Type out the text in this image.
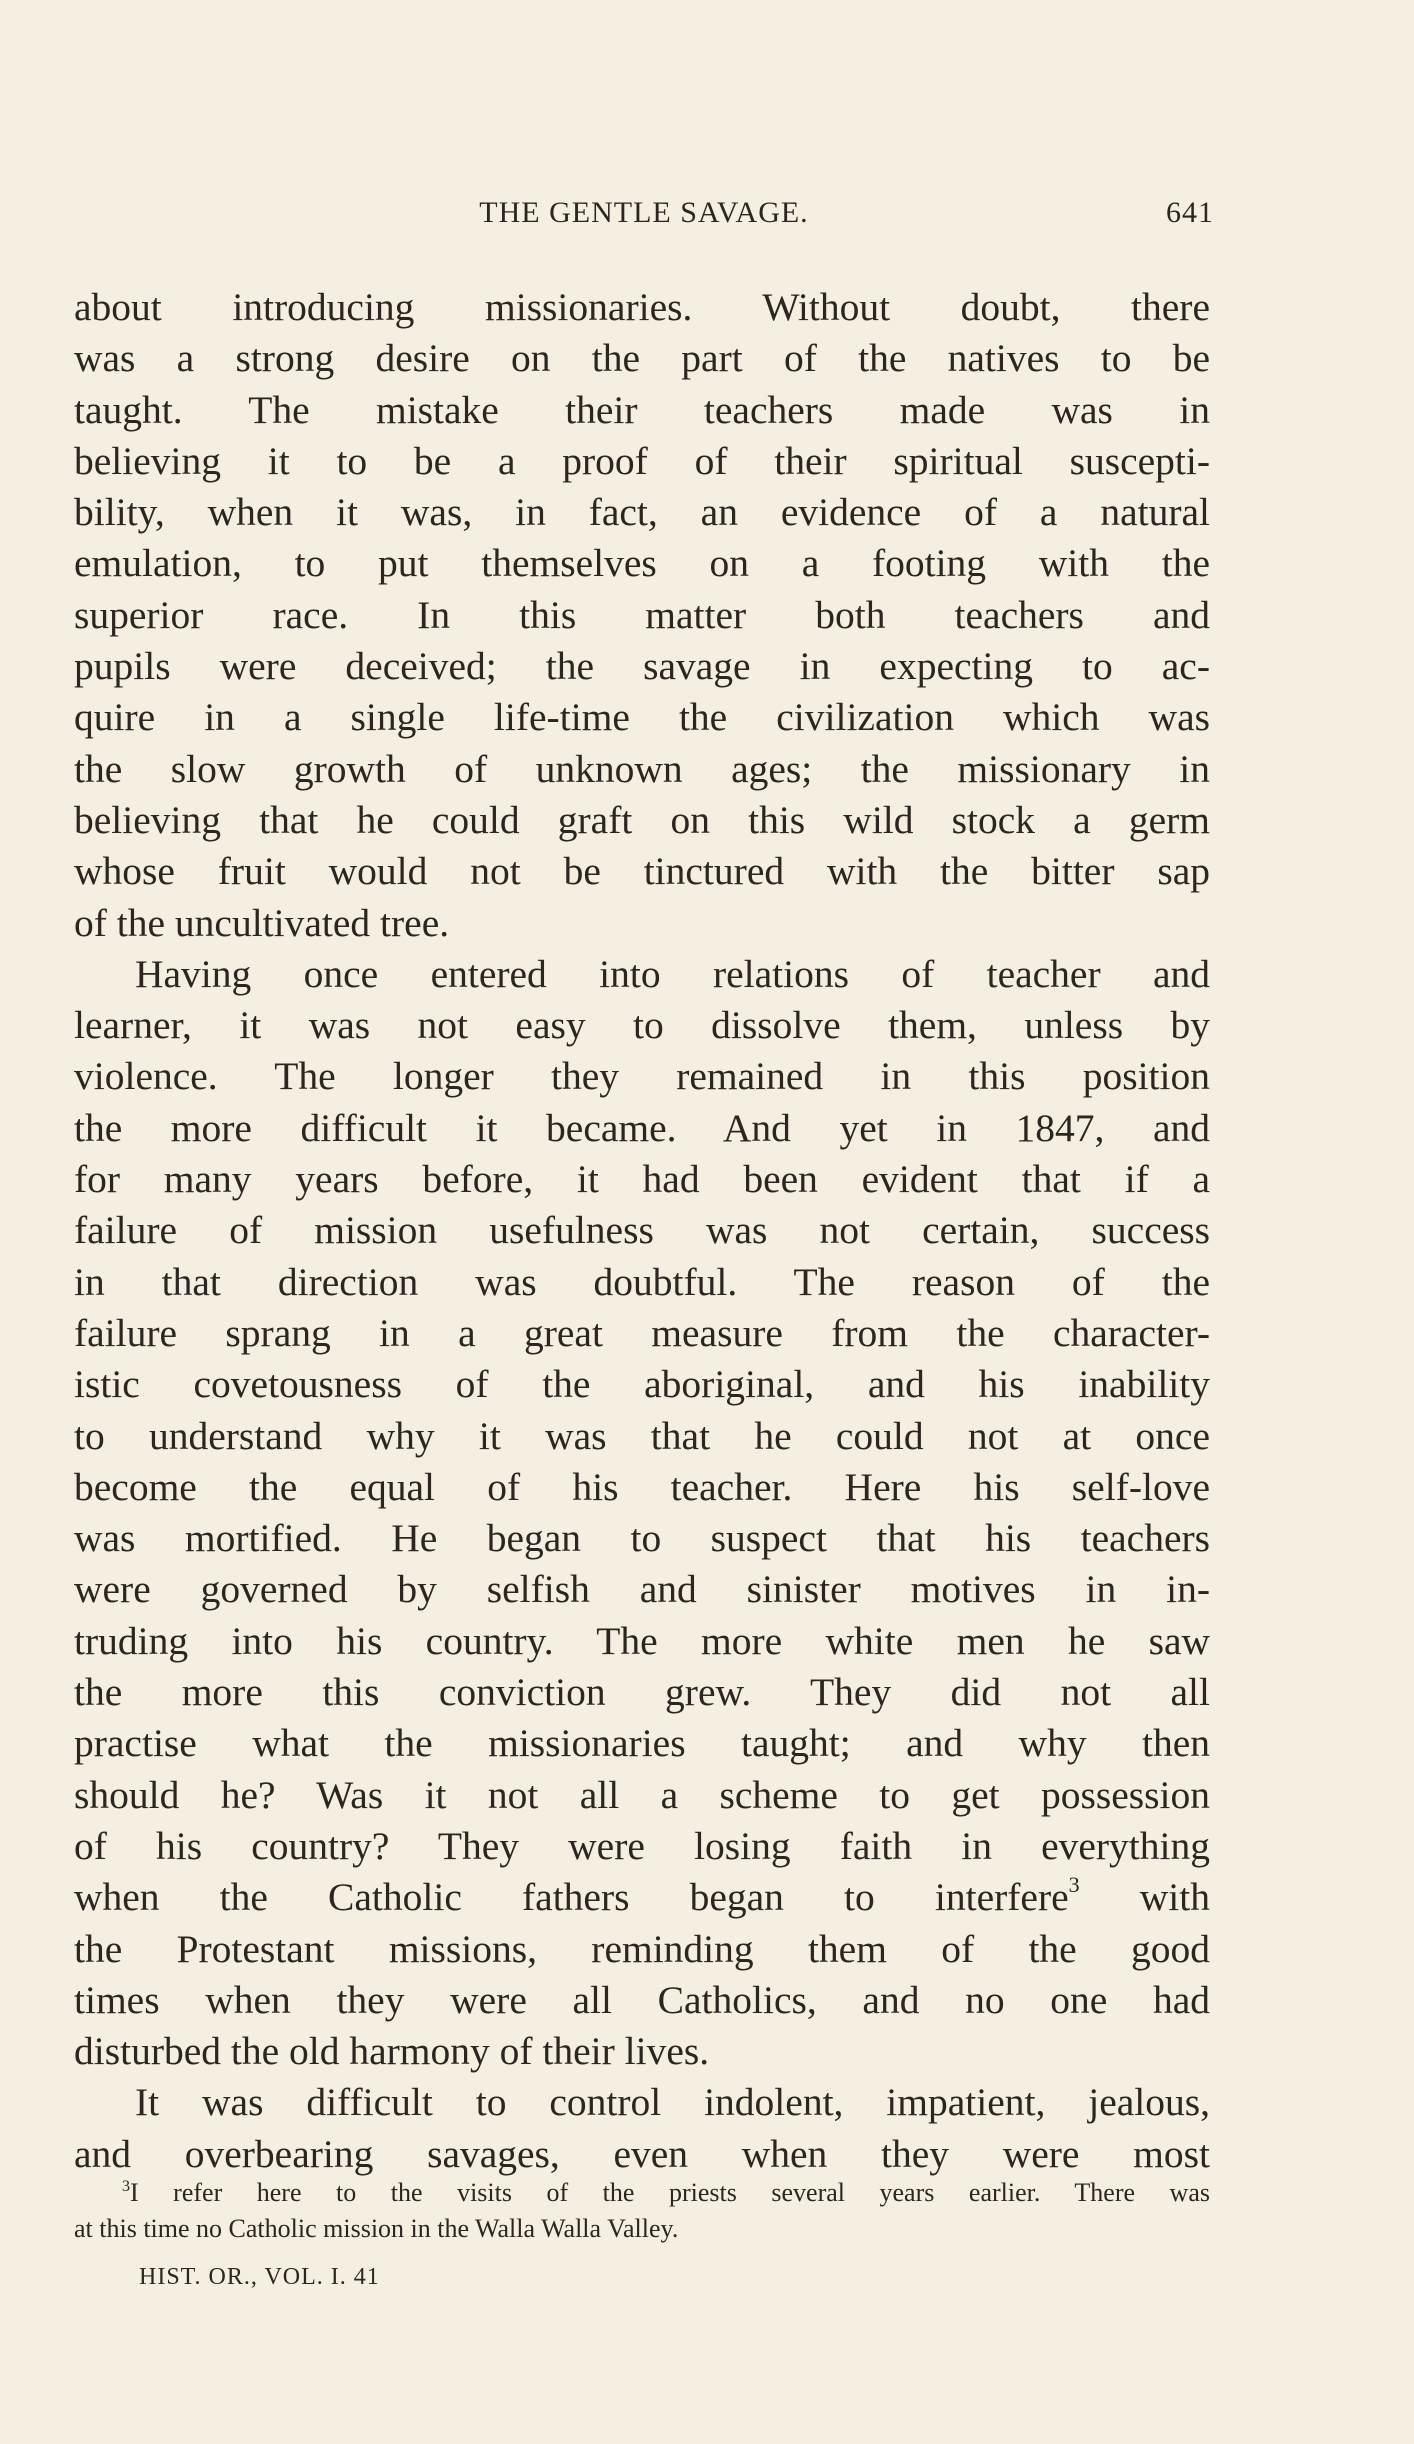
THE GENTLE SAVAGE.	641
about introducing missionaries. Without doubt, there
was a strong desire on the part of the natives to be
taught. The mistake their teachers made was in
believing it to be a proof of their spiritual suscepti-
bility, when it was, in fact, an evidence of a natural
emulation, to put themselves on a footing with the
superior race. In this matter both teachers and
pupils were deceived; the savage in expecting to ac-
quire in a single life-time the civilization which was
the slow growth of unknown ages; the missionary in
believing that he could graft on this wild stock a germ
whose fruit would not be tinctured with the bitter sap
of the uncultivated tree.
Having once entered into relations of teacher and
learner, it was not easy to dissolve them, unless by
violence. The longer they remained in this position
the more difficult it became. And yet in 1847, and
for many years before, it had been evident that if a
failure of mission usefulness was not certain, success
in that direction was doubtful. The reason of the
failure sprang in a great measure from the character-
istic covetousness of the aboriginal, and his inability
to understand why it was that he could not at once
become the equal of his teacher. Here his self-love
was mortified. He began to suspect that his teachers
were governed by selfish and sinister motives in in-
truding into his country. The more white men he saw
the more this conviction grew. They did not all
practise what the missionaries taught; and why then
should he? Was it not all a scheme to get possession
of his country? They were losing faith in everything
when the Catholic fathers began to interfere$^3$ with
the Protestant missions, reminding them of the good
times when they were all Catholics, and no one had
disturbed the old harmony of their lives.
It was difficult to control indolent, impatient, jealous,
and overbearing savages, even when they were most
$^3$I refer here to the visits of the priests several years earlier. There was
at this time no Catholic mission in the Walla Walla Valley.
HIST. OR., VOL. I. 41
